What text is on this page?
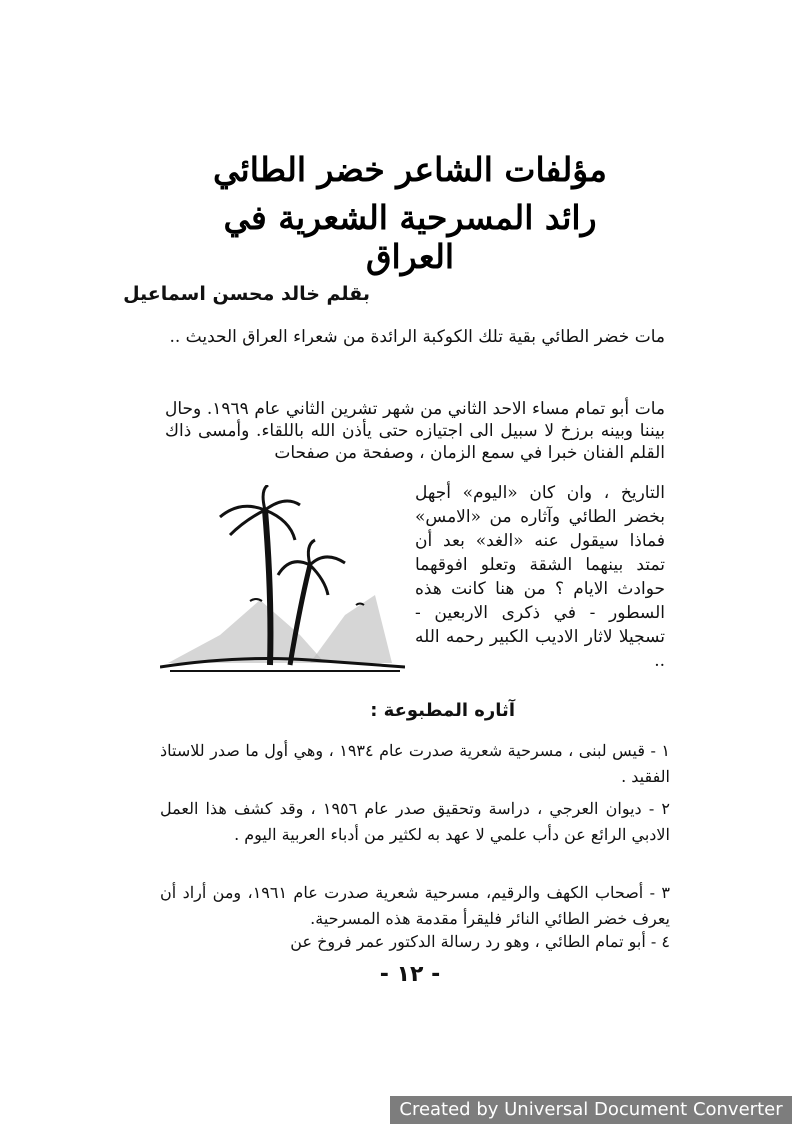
مؤلفات الشاعر خضر الطائي
رائد المسرحية الشعرية في العراق
بقلم خالد محسن اسماعيل
مات خضر الطائي بقية تلك الكوكبة الرائدة من شعراء العراق الحديث ..
مات أبو تمام مساء الاحد الثاني من شهر تشرين الثاني عام ١٩٦٩. وحال بيننا وبينه برزخ لا سبيل الى اجتيازه حتى يأذن الله باللقاء. وأمسى ذاك القلم الفنان خبرا في سمع الزمان ، وصفحة من صفحات
التاريخ ، وان كان «اليوم» أجهل بخضر الطائي وآثاره من «الامس» فماذا سيقول عنه «الغد» بعد أن تمتد بينهما الشقة وتعلو افوقهما حوادث الايام ؟ من هنا كانت هذه السطور - في ذكرى الاربعين - تسجيلا لاثار الاديب الكبير رحمه الله ..
آثاره المطبوعة :
١ - قيس لبنى ، مسرحية شعرية صدرت عام ١٩٣٤ ، وهي أول ما صدر للاستاذ الفقيد .
٢ - ديوان العرجي ، دراسة وتحقيق صدر عام ١٩٥٦ ، وقد كشف هذا العمل الادبي الرائع عن دأب علمي لا عهد به لكثير من أدباء العربية اليوم .
٣ - أصحاب الكهف والرقيم، مسرحية شعرية صدرت عام ١٩٦١، ومن أراد أن يعرف خضر الطائي النائر فليقرأ مقدمة هذه المسرحية.
٤ - أبو تمام الطائي ، وهو رد رسالة الدكتور عمر فروخ عن
- ١٢ -
Created by Universal Document Converter
